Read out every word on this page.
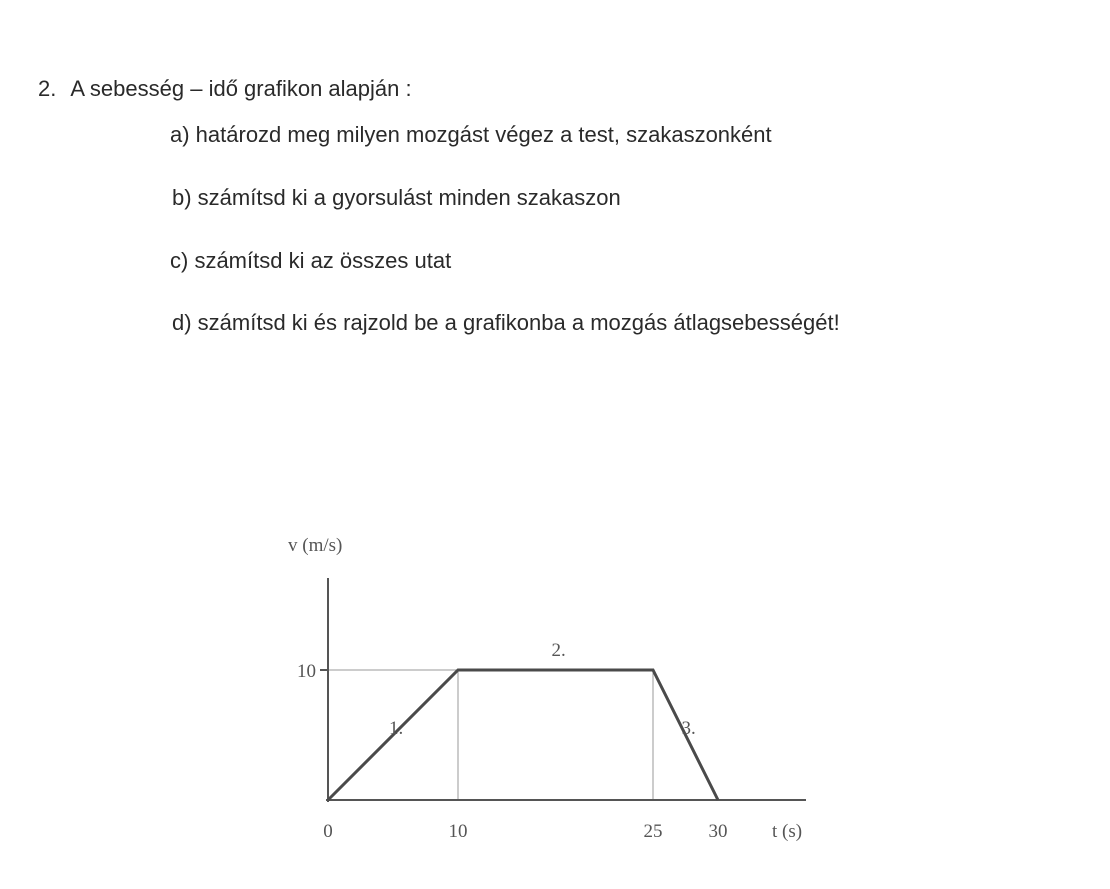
2. A sebesség – idő grafikon alapján :
a) határozd meg milyen mozgást végez a test, szakaszonként
b) számítsd ki a gyorsulást minden szakaszon
c) számítsd ki az összes utat
d) számítsd ki és rajzold be a grafikonba a mozgás átlagsebességét!
v (m/s)
t (s)
10
0	10	25 30
1.
2.
3.
